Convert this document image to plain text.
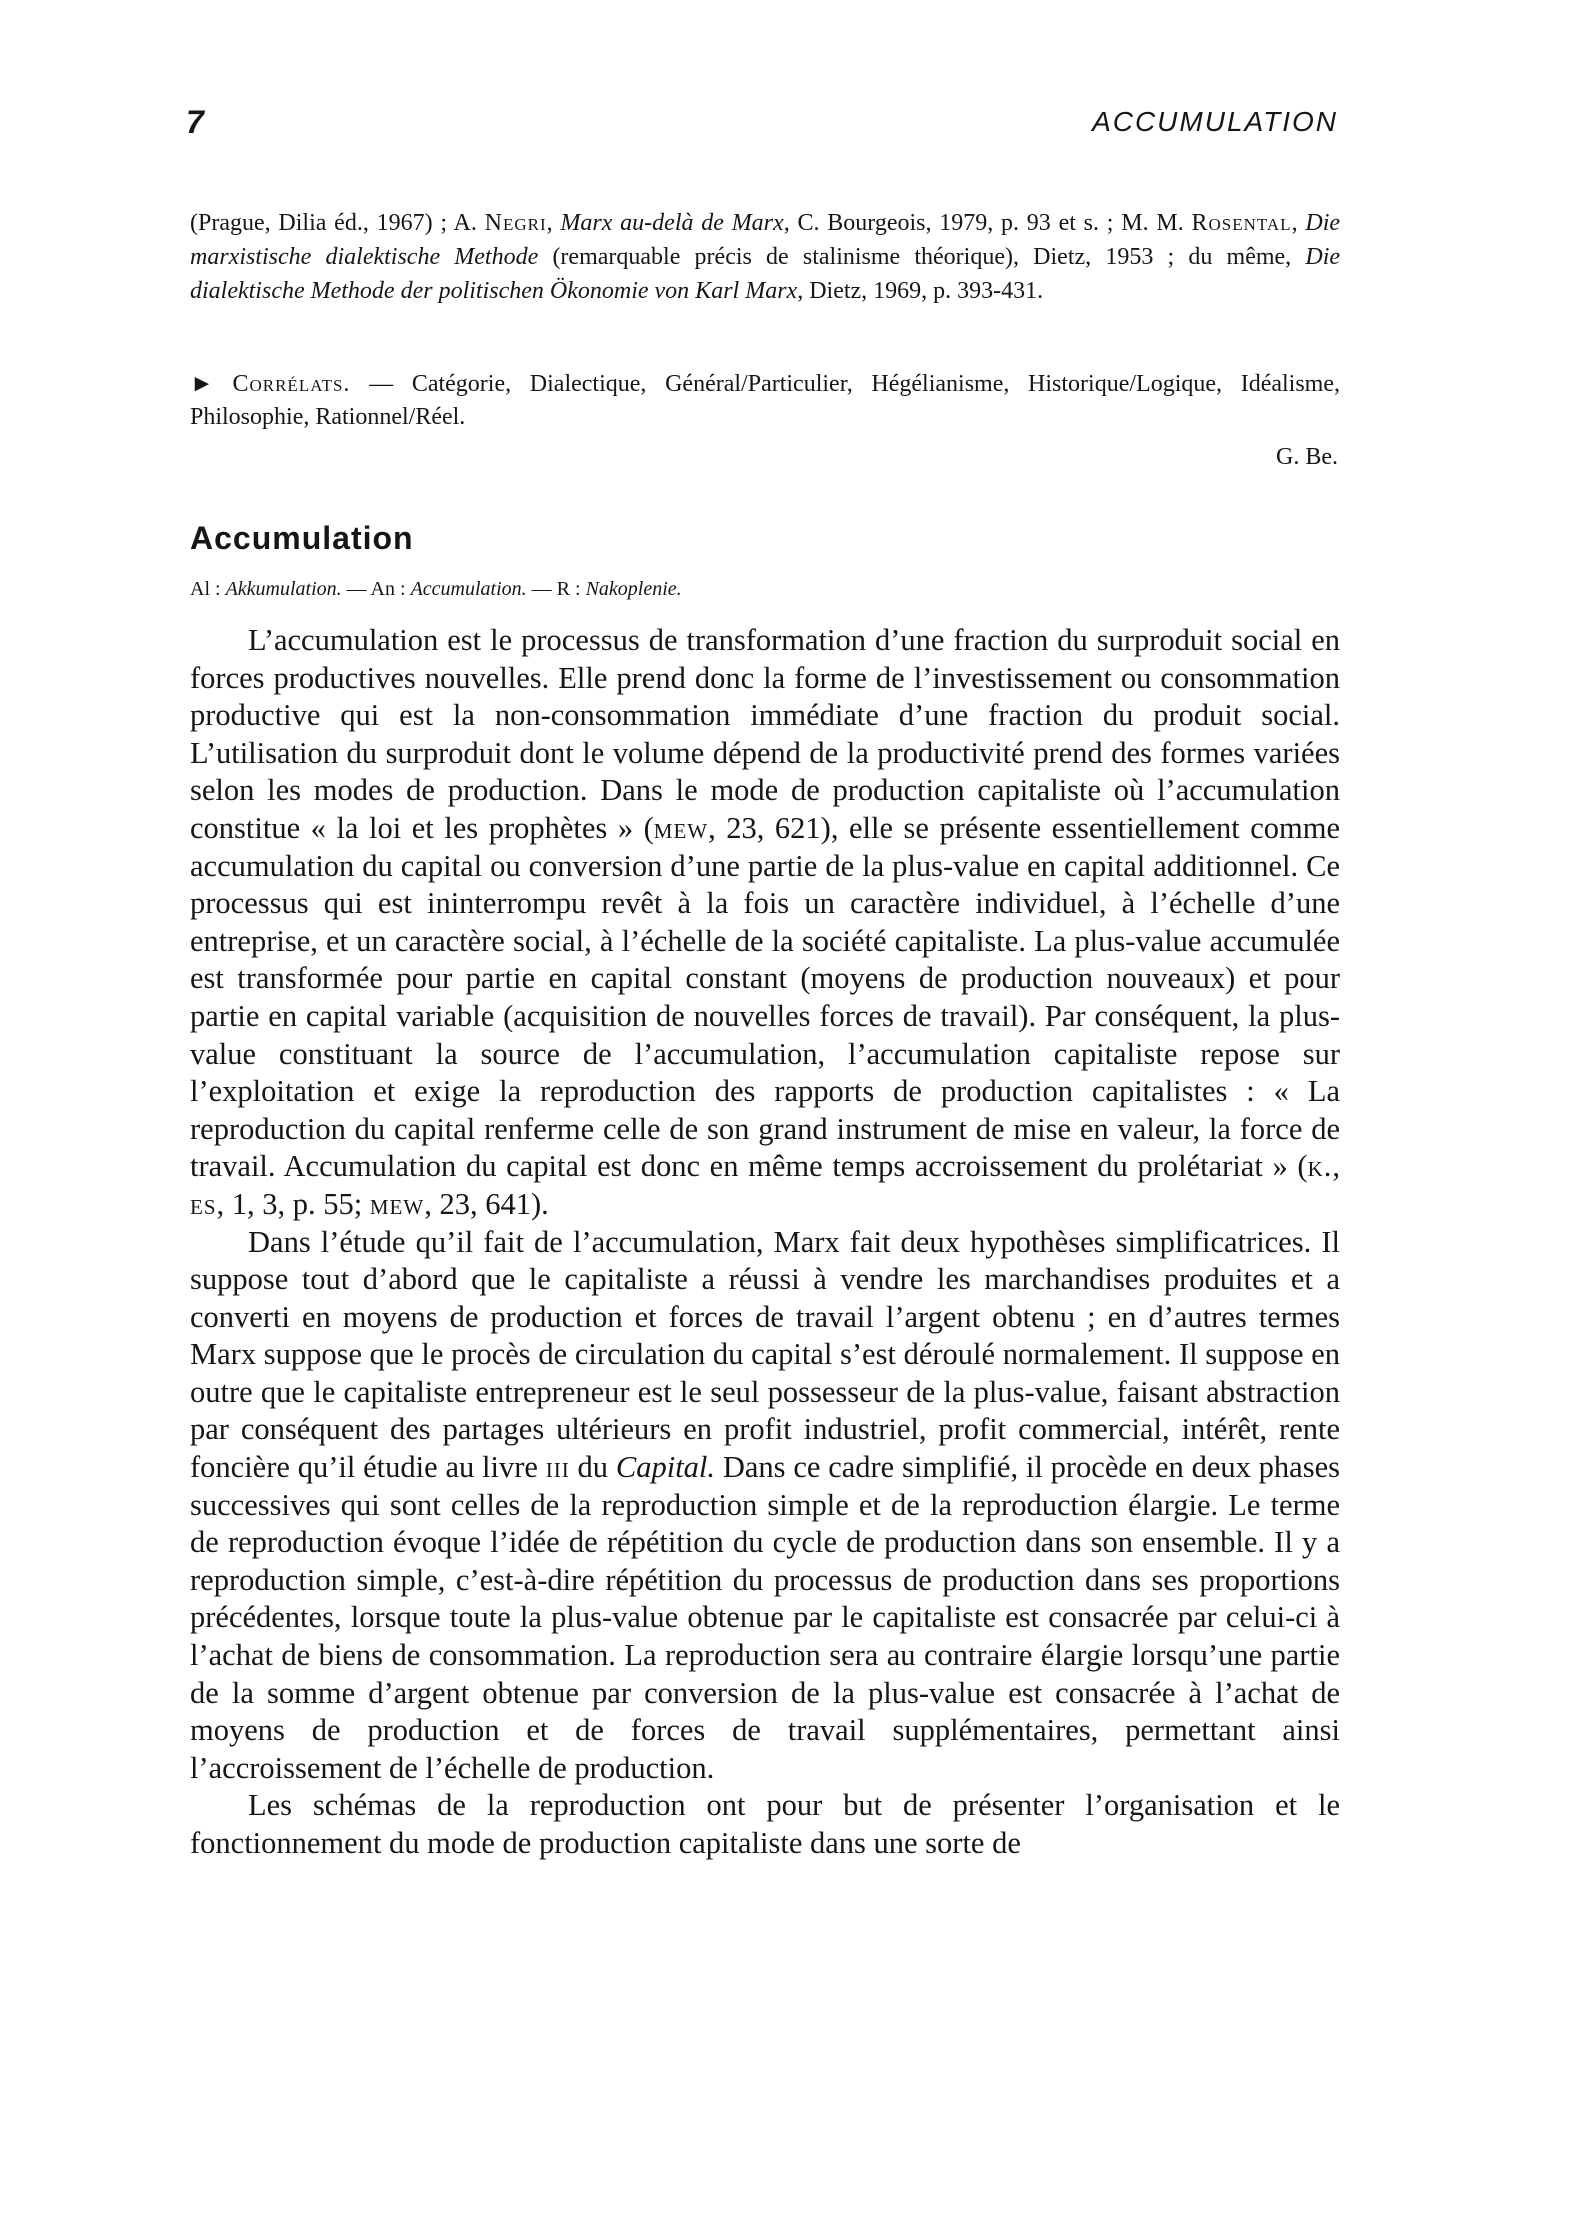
7	ACCUMULATION

(Prague, Dilia éd., 1967) ; A. Negri, Marx au-delà de Marx, C. Bourgeois, 1979, p. 93 et s. ; M. M. Rosental, Die marxistische dialektische Methode (remarquable précis de stalinisme théorique), Dietz, 1953 ; du même, Die dialektische Methode der politischen Ökonomie von Karl Marx, Dietz, 1969, p. 393-431.

► Corrélats. — Catégorie, Dialectique, Général/Particulier, Hégélianisme, Historique/Logique, Idéalisme, Philosophie, Rationnel/Réel.

G. Be.
Accumulation
Al : Akkumulation. — An : Accumulation. — R : Nakoplenie.

L’accumulation est le processus de transformation d’une fraction du surproduit social en forces productives nouvelles. Elle prend donc la forme de l’investissement ou consommation productive qui est la non-consommation immédiate d’une fraction du produit social. L’utilisation du surproduit dont le volume dépend de la productivité prend des formes variées selon les modes de production. Dans le mode de production capitaliste où l’accumulation constitue « la loi et les prophètes » (mew, 23, 621), elle se présente essentiellement comme accumulation du capital ou conversion d’une partie de la plus-value en capital additionnel. Ce processus qui est ininterrompu revêt à la fois un caractère individuel, à l’échelle d’une entreprise, et un caractère social, à l’échelle de la société capitaliste. La plus-value accumulée est transformée pour partie en capital constant (moyens de production nouveaux) et pour partie en capital variable (acquisition de nouvelles forces de travail). Par conséquent, la plus-value constituant la source de l’accumulation, l’accumulation capitaliste repose sur l’exploitation et exige la reproduction des rapports de production capitalistes : « La reproduction du capital renferme celle de son grand instrument de mise en valeur, la force de travail. Accumulation du capital est donc en même temps accroissement du prolétariat » (k., es, 1, 3, p. 55; mew, 23, 641).

Dans l’étude qu’il fait de l’accumulation, Marx fait deux hypothèses simplificatrices. Il suppose tout d’abord que le capitaliste a réussi à vendre les marchandises produites et a converti en moyens de production et forces de travail l’argent obtenu ; en d’autres termes Marx suppose que le procès de circulation du capital s’est déroulé normalement. Il suppose en outre que le capitaliste entrepreneur est le seul possesseur de la plus-value, faisant abstraction par conséquent des partages ultérieurs en profit industriel, profit commercial, intérêt, rente foncière qu’il étudie au livre iii du Capital. Dans ce cadre simplifié, il procède en deux phases successives qui sont celles de la reproduction simple et de la reproduction élargie. Le terme de reproduction évoque l’idée de répétition du cycle de production dans son ensemble. Il y a reproduction simple, c’est-à-dire répétition du processus de production dans ses proportions précédentes, lorsque toute la plus-value obtenue par le capitaliste est consacrée par celui-ci à l’achat de biens de consommation. La reproduction sera au contraire élargie lorsqu’une partie de la somme d’argent obtenue par conversion de la plus-value est consacrée à l’achat de moyens de production et de forces de travail supplémentaires, permettant ainsi l’accroissement de l’échelle de production.

Les schémas de la reproduction ont pour but de présenter l’organisation et le fonctionnement du mode de production capitaliste dans une sorte de
